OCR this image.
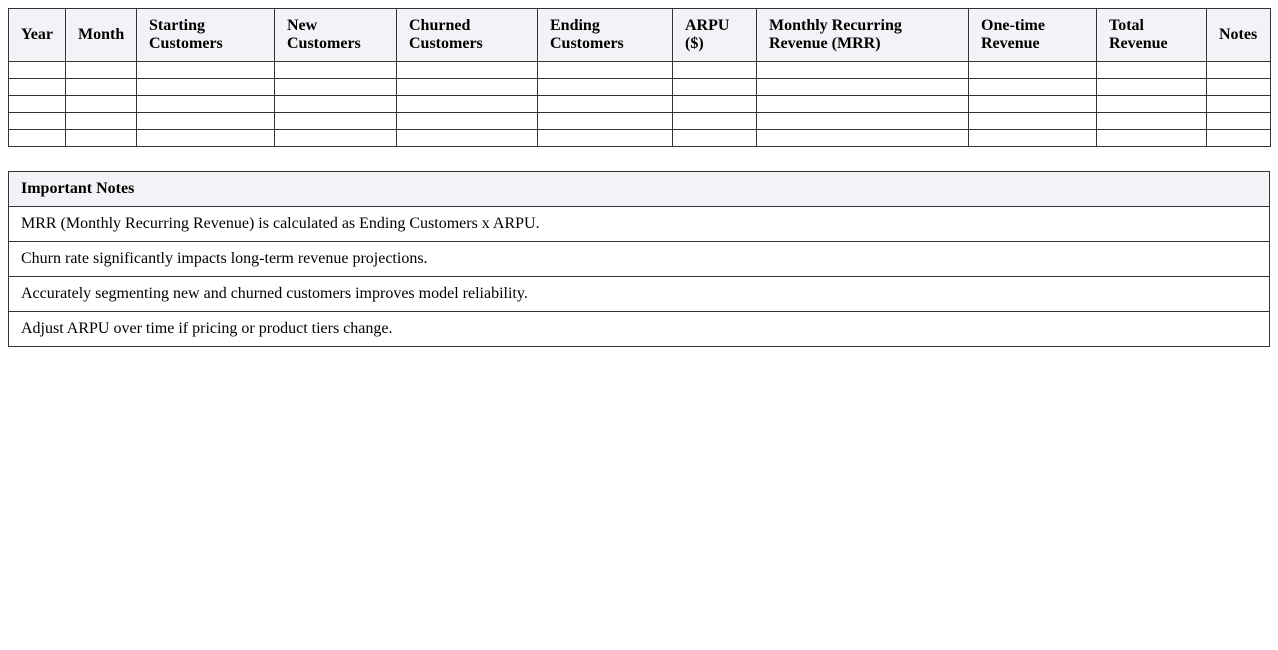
Year	Month	Starting Customers	New Customers	Churned Customers	Ending Customers	ARPU ($)	Monthly Recurring Revenue (MRR)	One-time Revenue	Total Revenue	Notes

Important Notes
MRR (Monthly Recurring Revenue) is calculated as Ending Customers x ARPU.
Churn rate significantly impacts long-term revenue projections.
Accurately segmenting new and churned customers improves model reliability.
Adjust ARPU over time if pricing or product tiers change.
